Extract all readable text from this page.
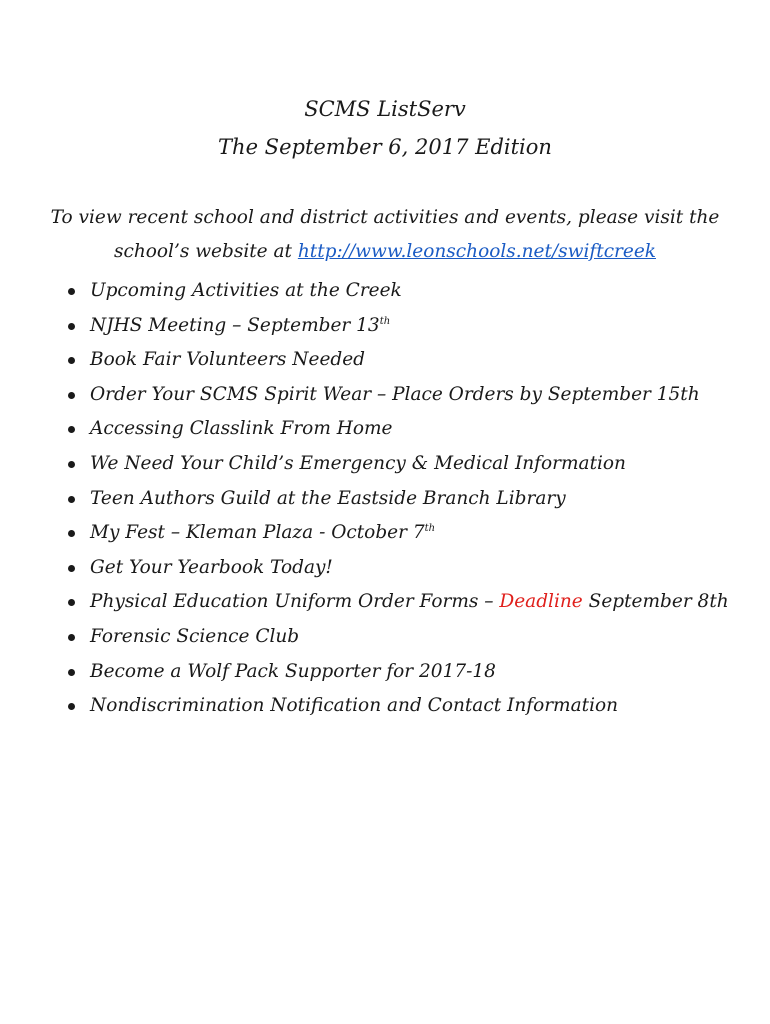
SCMS ListServ
The September 6, 2017 Edition

To view recent school and district activities and events, please visit the school’s website at http://www.leonschools.net/swiftcreek

Upcoming Activities at the Creek
NJHS Meeting – September 13th
Book Fair Volunteers Needed
Order Your SCMS Spirit Wear – Place Orders by September 15th
Accessing Classlink From Home
We Need Your Child’s Emergency & Medical Information
Teen Authors Guild at the Eastside Branch Library
My Fest – Kleman Plaza - October 7th
Get Your Yearbook Today!
Physical Education Uniform Order Forms – Deadline September 8th
Forensic Science Club
Become a Wolf Pack Supporter for 2017-18
Nondiscrimination Notification and Contact Information
